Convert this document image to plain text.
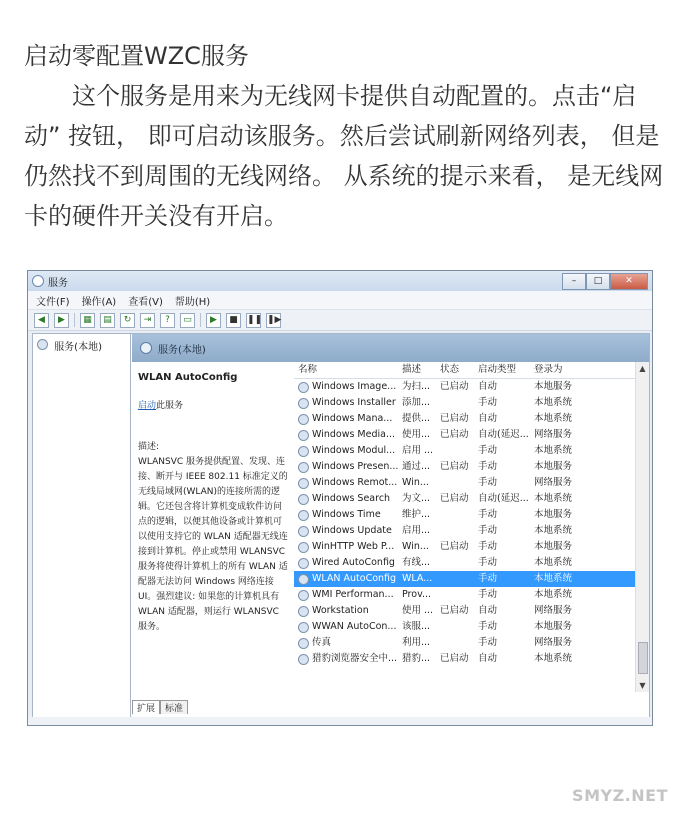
启动零配置WZC服务

这个服务是用来为无线网卡提供自动配置的。点击“启动” 按钮， 即可启动该服务。然后尝试刷新网络列表， 但是仍然找不到周围的无线网络。 从系统的提示来看， 是无线网卡的硬件开关没有开启。

服务	–	□	✕
文件(F) 操作(A) 查看(V) 帮助(H)
◀	▶	▦	▤	↻	⇥	?	▭	▶	■	❚❚ ❚▶
服务(本地)	服务(本地)
WLAN AutoConfig
启动此服务
描述:
WLANSVC 服务提供配置、发现、连接、断开与 IEEE 802.11 标准定义的无线局域网(WLAN)的连接所需的逻辑。它还包含将计算机变成软件访问点的逻辑，以便其他设备或计算机可以使用支持它的 WLAN 适配器无线连接到计算机。停止或禁用 WLANSVC 服务将使得计算机上的所有 WLAN 适配器无法访问 Windows 网络连接 UI。强烈建议: 如果您的计算机具有 WLAN 适配器，则运行 WLANSVC 服务。
名称	描述	状态	启动类型	登录为
Windows Image... 为扫...	已启动 自动	本地服务
Windows Installer 添加...	手动	本地系统
Windows Mana... 提供...	已启动 自动	本地系统
Windows Media... 使用...	已启动 自动(延迟... 网络服务
Windows Modul... 启用 ...	手动	本地系统
Windows Presen... 通过...	已启动 手动	本地服务
Windows Remot... Win...	手动	网络服务
Windows Search 为文...	已启动 自动(延迟... 本地系统
Windows Time 维护...	手动	本地服务
Windows Update 启用...	手动	本地系统
WinHTTP Web P... Win...	已启动 手动	本地服务
Wired AutoConfig 有线...	手动	本地系统
WLAN AutoConfig WLA...	手动	本地系统
WMI Performan... Prov...	手动	本地系统
Workstation	使用 ... 已启动 自动	网络服务
WWAN AutoCon... 该服...	手动	本地服务
传真	利用...	手动	网络服务
猎豹浏览器安全中... 猎豹...	已启动 自动	本地系统
▲
▼
扩展	标准
SMYZ.NET
